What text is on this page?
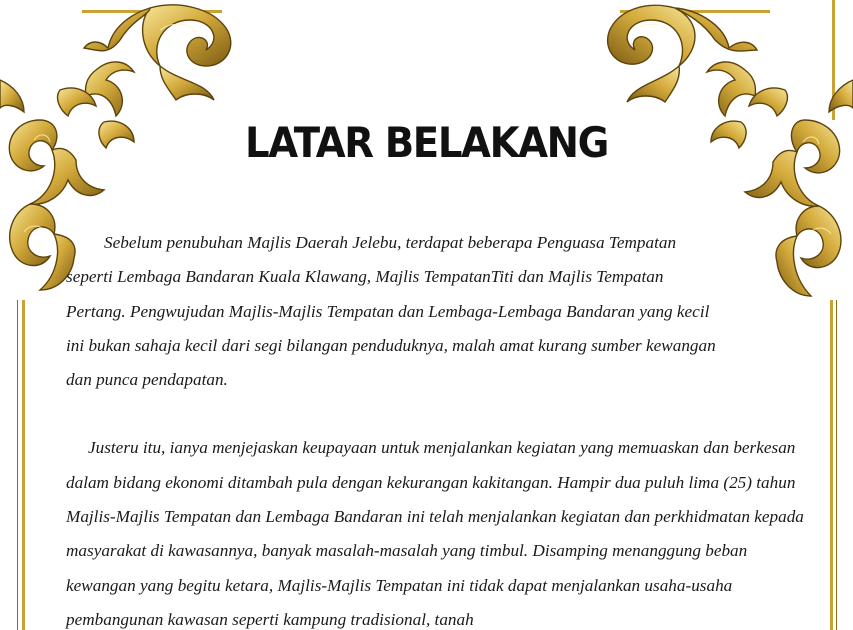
LATAR BELAKANG

Sebelum penubuhan Majlis Daerah Jelebu, terdapat beberapa Penguasa Tempatan seperti Lembaga Bandaran Kuala Klawang, Majlis TempatanTiti dan Majlis Tempatan Pertang. Pengwujudan Majlis-Majlis Tempatan dan Lembaga-Lembaga Bandaran yang kecil ini bukan sahaja kecil dari segi bilangan penduduknya, malah amat kurang sumber kewangan dan punca pendapatan.

Justeru itu, ianya menjejaskan keupayaan untuk menjalankan kegiatan yang memuaskan dan berkesan dalam bidang ekonomi ditambah pula dengan kekurangan kakitangan. Hampir dua puluh lima (25) tahun Majlis-Majlis Tempatan dan Lembaga Bandaran ini telah menjalankan kegiatan dan perkhidmatan kepada masyarakat di kawasannya, banyak masalah-masalah yang timbul. Disamping menanggung beban kewangan yang begitu ketara, Majlis-Majlis Tempatan ini tidak dapat menjalankan usaha-usaha pembangunan kawasan seperti kampung tradisional, tanah
